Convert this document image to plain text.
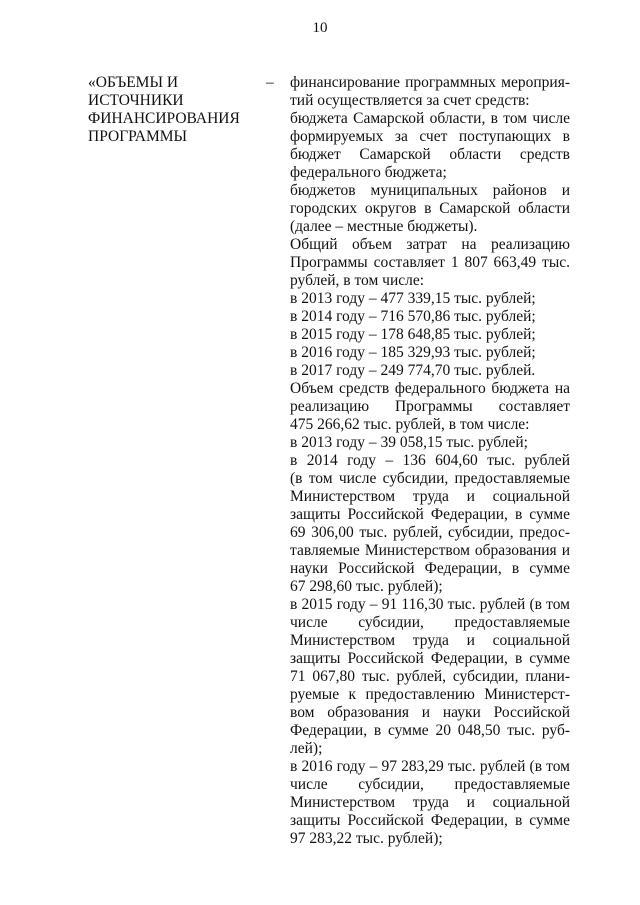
10
«ОБЪЕМЫ И
ИСТОЧНИКИ
ФИНАНСИРОВАНИЯ
ПРОГРАММЫ
– финансирование программных мероприя-
тий осуществляется за счет средств:
бюджета Самарской области, в том числе
формируемых за счет поступающих в
бюджет Самарской области средств
федерального бюджета;
бюджетов муниципальных районов и
городских округов в Самарской области
(далее – местные бюджеты).
Общий объем затрат на реализацию
Программы составляет 1 807 663,49 тыс.
рублей, в том числе:
в 2013 году – 477 339,15 тыс. рублей;
в 2014 году – 716 570,86 тыс. рублей;
в 2015 году – 178 648,85 тыс. рублей;
в 2016 году – 185 329,93 тыс. рублей;
в 2017 году – 249 774,70 тыс. рублей.
Объем средств федерального бюджета на
реализацию Программы составляет
475 266,62 тыс. рублей, в том числе:
в 2013 году – 39 058,15 тыс. рублей;
в 2014 году – 136 604,60 тыс. рублей
(в том числе субсидии, предоставляемые
Министерством труда и социальной
защиты Российской Федерации, в сумме
69 306,00 тыс. рублей, субсидии, предос-
тавляемые Министерством образования и
науки Российской Федерации, в сумме
67 298,60 тыс. рублей);
в 2015 году – 91 116,30 тыс. рублей (в том
числе субсидии, предоставляемые
Министерством труда и социальной
защиты Российской Федерации, в сумме
71 067,80 тыс. рублей, субсидии, плани-
руемые к предоставлению Министерст-
вом образования и науки Российской
Федерации, в сумме 20 048,50 тыс. руб-
лей);
в 2016 году – 97 283,29 тыс. рублей (в том
числе субсидии, предоставляемые
Министерством труда и социальной
защиты Российской Федерации, в сумме
97 283,22 тыс. рублей);
